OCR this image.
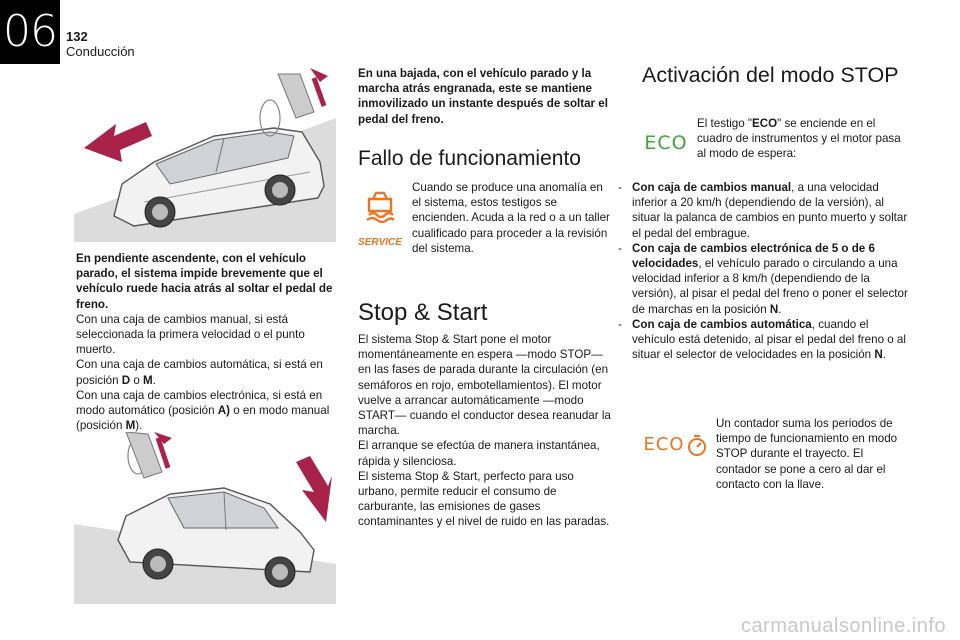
06 132
Conducción

En pendiente ascendente, con el vehículo parado, el sistema impide brevemente que el vehículo ruede hacia atrás al soltar el pedal de freno.

Con una caja de cambios manual, si está seleccionada la primera velocidad o el punto muerto.

Con una caja de cambios automática, si está en posición D o M.

Con una caja de cambios electrónica, si está en modo automático (posición A) o en modo manual (posición M).

En una bajada, con el vehículo parado y la marcha atrás engranada, este se mantiene inmovilizado un instante después de soltar el pedal del freno.

Fallo de funcionamiento
SERVICE
Cuando se produce una anomalía en el sistema, estos testigos se encienden. Acuda a la red o a un taller cualificado para proceder a la revisión del sistema.
Stop & Start

El sistema Stop & Start pone el motor momentáneamente en espera —modo STOP— en las fases de parada durante la circulación (en semáforos en rojo, embotellamientos). El motor vuelve a arrancar automáticamente —modo START— cuando el conductor desea reanudar la marcha.

El arranque se efectúa de manera instantánea, rápida y silenciosa.

El sistema Stop & Start, perfecto para uso urbano, permite reducir el consumo de carburante, las emisiones de gases contaminantes y el nivel de ruido en las paradas.

Activación del modo STOP
ECO
El testigo "ECO" se enciende en el cuadro de instrumentos y el motor pasa al modo de espera:
- Con caja de cambios manual, a una velocidad inferior a 20 km/h (dependiendo de la versión), al situar la palanca de cambios en punto muerto y soltar el pedal del embrague.
- Con caja de cambios electrónica de 5 o de 6 velocidades, el vehículo parado o circulando a una velocidad inferior a 8 km/h (dependiendo de la versión), al pisar el pedal del freno o poner el selector de marchas en la posición N.
- Con caja de cambios automática, cuando el vehículo está detenido, al pisar el pedal del freno o al situar el selector de velocidades en la posición N.
ECO
Un contador suma los periodos de tiempo de funcionamiento en modo STOP durante el trayecto. El contador se pone a cero al dar el contacto con la llave.
carmanualsonline.info
